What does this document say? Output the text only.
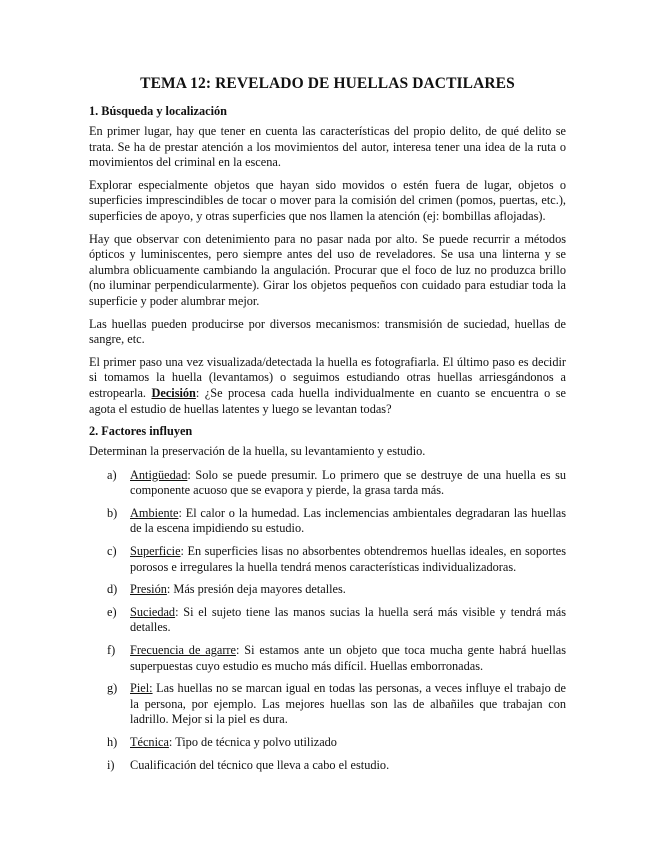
TEMA 12: REVELADO DE HUELLAS DACTILARES
1. Búsqueda y localización

En primer lugar, hay que tener en cuenta las características del propio delito, de qué delito se trata. Se ha de prestar atención a los movimientos del autor, interesa tener una idea de la ruta o movimientos del criminal en la escena.

Explorar especialmente objetos que hayan sido movidos o estén fuera de lugar, objetos o superficies imprescindibles de tocar o mover para la comisión del crimen (pomos, puertas, etc.), superficies de apoyo, y otras superficies que nos llamen la atención (ej: bombillas aflojadas).

Hay que observar con detenimiento para no pasar nada por alto. Se puede recurrir a métodos ópticos y luminiscentes, pero siempre antes del uso de reveladores. Se usa una linterna y se alumbra oblicuamente cambiando la angulación. Procurar que el foco de luz no produzca brillo (no iluminar perpendicularmente). Girar los objetos pequeños con cuidado para estudiar toda la superficie y poder alumbrar mejor.

Las huellas pueden producirse por diversos mecanismos: transmisión de suciedad, huellas de sangre, etc.

El primer paso una vez visualizada/detectada la huella es fotografiarla. El último paso es decidir si tomamos la huella (levantamos) o seguimos estudiando otras huellas arriesgándonos a estropearla. Decisión: ¿Se procesa cada huella individualmente en cuanto se encuentra o se agota el estudio de huellas latentes y luego se levantan todas?

2. Factores influyen

Determinan la preservación de la huella, su levantamiento y estudio.

a)	Antigüedad: Solo se puede presumir. Lo primero que se destruye de una huella es su componente acuoso que se evapora y pierde, la grasa tarda más.
b)	Ambiente: El calor o la humedad. Las inclemencias ambientales degradaran las huellas de la escena impidiendo su estudio.
c)	Superficie: En superficies lisas no absorbentes obtendremos huellas ideales, en soportes porosos e irregulares la huella tendrá menos características individualizadoras.
d)	Presión: Más presión deja mayores detalles.
e)	Suciedad: Si el sujeto tiene las manos sucias la huella será más visible y tendrá más detalles.
f)	Frecuencia de agarre: Si estamos ante un objeto que toca mucha gente habrá huellas superpuestas cuyo estudio es mucho más difícil. Huellas emborronadas.
g)	Piel: Las huellas no se marcan igual en todas las personas, a veces influye el trabajo de la persona, por ejemplo. Las mejores huellas son las de albañiles que trabajan con ladrillo. Mejor si la piel es dura.
h)	Técnica: Tipo de técnica y polvo utilizado
i)	Cualificación del técnico que lleva a cabo el estudio.
